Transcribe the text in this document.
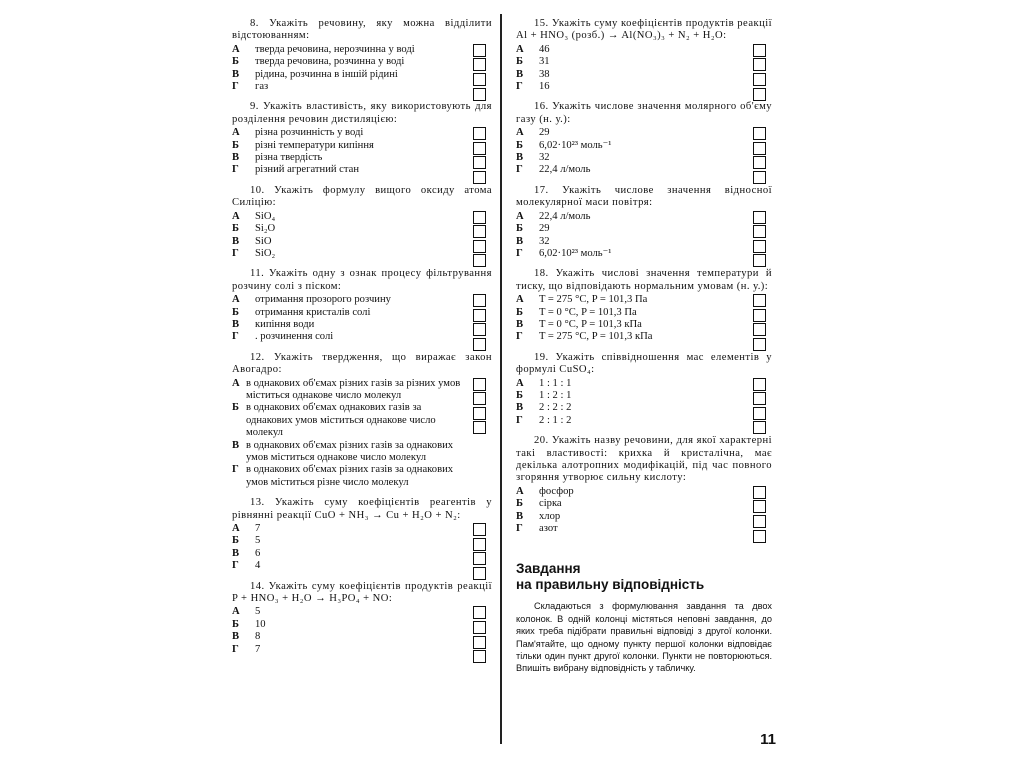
8. Укажіть речовину, яку можна відділити відстоюванням:
А	тверда речовина, нерозчинна у воді
Б	тверда речовина, розчинна у воді
В	рідина, розчинна в іншій рідині
Г	газ
9. Укажіть властивість, яку використовують для розділення речовин дистиляцією:
А	різна розчинність у воді
Б	різні температури кипіння
В	різна твердість
Г	різний агрегатний стан
10. Укажіть формулу вищого оксиду атома Силіцію:
А	SiO₄
Б	Si₂O
В	SiO
Г	SiO₂
11. Укажіть одну з ознак процесу фільтрування розчину солі з піском:
А	отримання прозорого розчину
Б	отримання кристалів солі
В	кипіння води
Г	. розчинення солі
12. Укажіть твердження, що виражає закон Авогадро:
А в однакових об'ємах різних газів за різних умов міститься однакове число молекул
Б в однакових об'ємах однакових газів за однакових умов міститься однакове число молекул
В в однакових об'ємах різних газів за однакових умов міститься однакове число молекул
Г в однакових об'ємах різних газів за однакових умов міститься різне число молекул
13. Укажіть суму коефіцієнтів реагентів у рівнянні реакції CuO + NH₃ → Cu + H₂O + N₂:
А	7
Б	5
В	6
Г	4
14. Укажіть суму коефіцієнтів продуктів реакції P + HNO₃ + H₂O → H₃PO₄ + NO:
А	5
Б	10
В	8
Г	7
15. Укажіть суму коефіцієнтів продуктів реакції Al + HNO₃ (розб.) → Al(NO₃)₃ + N₂ + H₂O:
А	46
Б	31
В	38
Г	16
16. Укажіть числове значення молярного об'єму газу (н. у.):
А	29
Б	6,02·10²³ моль⁻¹
В	32
Г	22,4 л/моль
17. Укажіть числове значення відносної молекулярної маси повітря:
А	22,4 л/моль
Б	29
В	32
Г	6,02·10²³ моль⁻¹
18. Укажіть числові значення температури й тиску, що відповідають нормальним умовам (н. у.):
А	T = 275 °C, P = 101,3 Па
Б	T = 0 °C, P = 101,3 Па
В	T = 0 °C, P = 101,3 кПа
Г	T = 275 °C, P = 101,3 кПа
19. Укажіть співвідношення мас елементів у формулі CuSO₄:
А	1 : 1 : 1
Б	1 : 2 : 1
В	2 : 2 : 2
Г	2 : 1 : 2
20. Укажіть назву речовини, для якої характерні такі властивості: крихка й кристалічна, має декілька алотропних модифікацій, під час повного згоряння утворює сильну кислоту:
А	фосфор
Б	сірка
В	хлор
Г	азот
Завдання
на правильну відповідність
Складаються з формулювання завдання та двох колонок. В одній колонці містяться неповні завдання, до яких треба підібрати правильні відповіді з другої колонки. Пам'ятайте, що одному пункту першої колонки відповідає тільки один пункт другої колонки. Пункти не повторюються. Впишіть вибрану відповідність у табличку.
11
